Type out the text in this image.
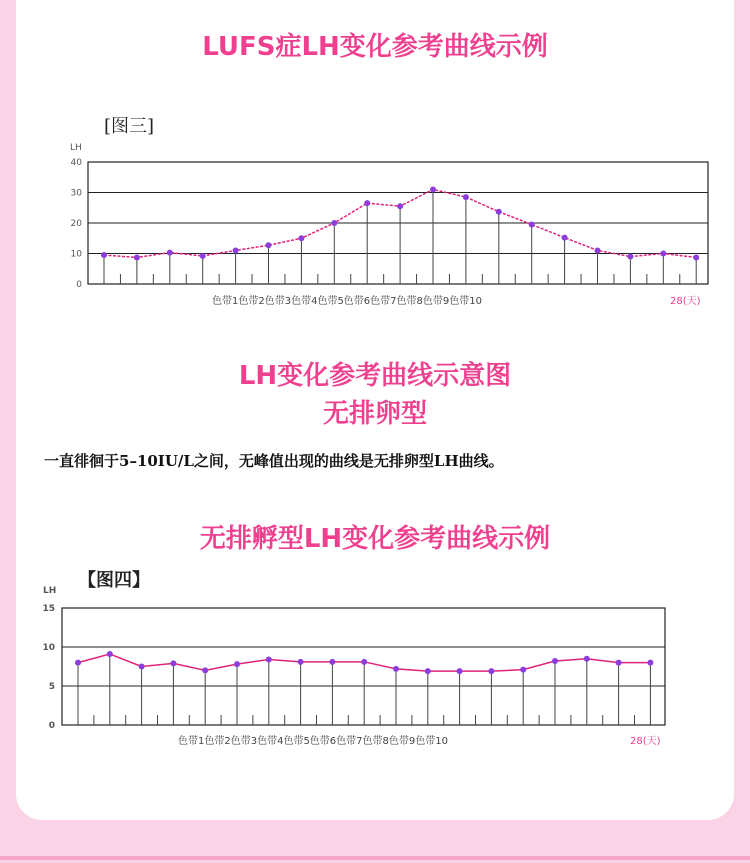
LUFS症LH变化参考曲线示例
[图三]
0
10
20
30
40
LH
色带1色带2色带3色带4色带5色带6色带7色带8色带9色带10	28(天)
LH变化参考曲线示意图
无排卵型
一直徘徊于5–10IU/L之间，无峰值出现的曲线是无排卵型LH曲线。
无排孵型LH变化参考曲线示例
【图四】
0
5
10
15
LH
色带1色带2色带3色带4色带5色带6色带7色带8色带9色带10	28(天)
